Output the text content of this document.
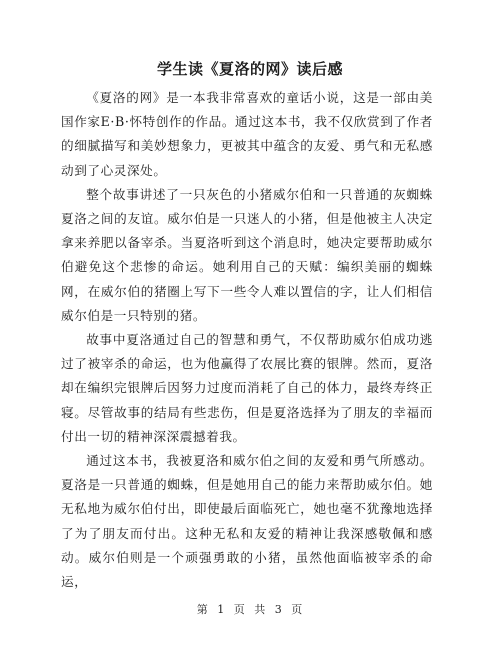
学生读《夏洛的网》读后感

《夏洛的网》是一本我非常喜欢的童话小说，这是一部由美国作家E·B·怀特创作的作品。通过这本书，我不仅欣赏到了作者的细腻描写和美妙想象力，更被其中蕴含的友爱、勇气和无私感动到了心灵深处。

整个故事讲述了一只灰色的小猪威尔伯和一只普通的灰蜘蛛夏洛之间的友谊。威尔伯是一只迷人的小猪，但是他被主人决定拿来养肥以备宰杀。当夏洛听到这个消息时，她决定要帮助威尔伯避免这个悲惨的命运。她利用自己的天赋：编织美丽的蜘蛛网，在威尔伯的猪圈上写下一些令人难以置信的字，让人们相信威尔伯是一只特别的猪。

故事中夏洛通过自己的智慧和勇气，不仅帮助威尔伯成功逃过了被宰杀的命运，也为他赢得了农展比赛的银牌。然而，夏洛却在编织完银牌后因努力过度而消耗了自己的体力，最终寿终正寝。尽管故事的结局有些悲伤，但是夏洛选择为了朋友的幸福而付出一切的精神深深震撼着我。

通过这本书，我被夏洛和威尔伯之间的友爱和勇气所感动。夏洛是一只普通的蜘蛛，但是她用自己的能力来帮助威尔伯。她无私地为威尔伯付出，即使最后面临死亡，她也毫不犹豫地选择了为了朋友而付出。这种无私和友爱的精神让我深感敬佩和感动。威尔伯则是一个顽强勇敢的小猪，虽然他面临被宰杀的命运，

第 1 页 共 3 页
